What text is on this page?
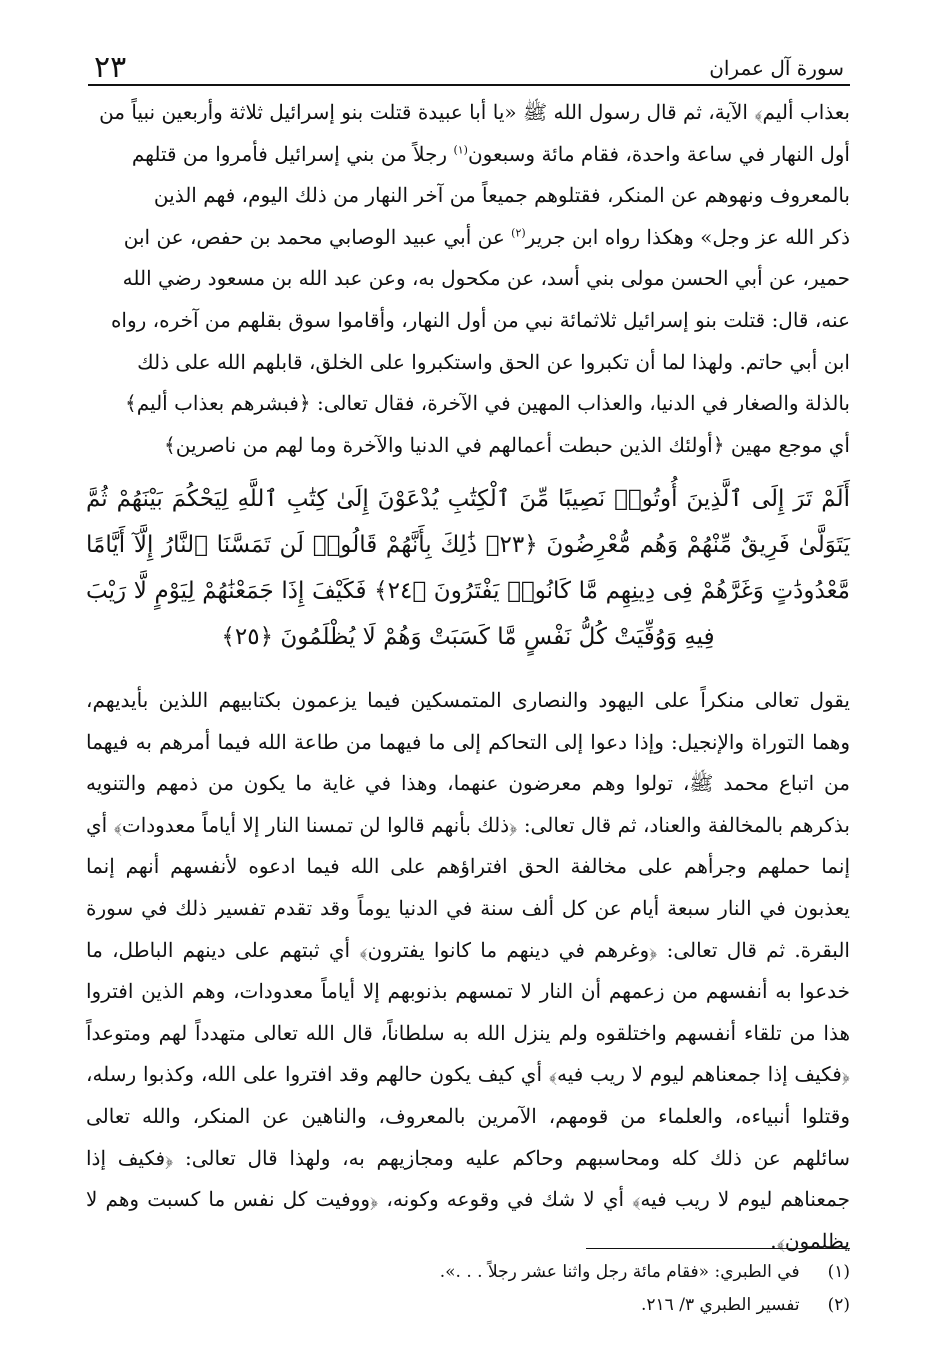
٢٣	سورة آل عمران
بعذاب أليم﴾ الآية، ثم قال رسول الله ﷺ «يا أبا عبيدة قتلت بنو إسرائيل ثلاثة وأربعين نبياً من
أول النهار في ساعة واحدة، فقام مائة وسبعون$^{(١)}$ رجلاً من بني إسرائيل فأمروا من قتلهم
بالمعروف ونهوهم عن المنكر، فقتلوهم جميعاً من آخر النهار من ذلك اليوم، فهم الذين
ذكر الله عز وجل» وهكذا رواه ابن جرير$^{(٢)}$ عن أبي عبيد الوصابي محمد بن حفص، عن ابن
حمير، عن أبي الحسن مولى بني أسد، عن مكحول به، وعن عبد الله بن مسعود رضي الله
عنه، قال: قتلت بنو إسرائيل ثلاثمائة نبي من أول النهار، وأقاموا سوق بقلهم من آخره، رواه
ابن أبي حاتم. ولهذا لما أن تكبروا عن الحق واستكبروا على الخلق، قابلهم الله على ذلك
بالذلة والصغار في الدنيا، والعذاب المهين في الآخرة، فقال تعالى: ﴿فبشرهم بعذاب أليم﴾
أي موجع مهين ﴿أولئك الذين حبطت أعمالهم في الدنيا والآخرة وما لهم من ناصرين﴾
أَلَمْ تَرَ إِلَى ٱلَّذِينَ أُوتُوا۟ نَصِيبًا مِّنَ ٱلْكِتَٰبِ يُدْعَوْنَ إِلَىٰ كِتَٰبِ ٱللَّهِ لِيَحْكُمَ بَيْنَهُمْ ثُمَّ يَتَوَلَّىٰ فَرِيقٌ مِّنْهُمْ وَهُم مُّعْرِضُونَ ﴿٢٣﴾ ذَٰلِكَ بِأَنَّهُمْ قَالُوا۟ لَن تَمَسَّنَا ٱلنَّارُ إِلَّآ أَيَّامًا مَّعْدُودَٰتٍ وَغَرَّهُمْ فِى دِينِهِم مَّا كَانُوا۟ يَفْتَرُونَ ﴿٢٤﴾ فَكَيْفَ إِذَا جَمَعْنَٰهُمْ لِيَوْمٍ لَّا رَيْبَ فِيهِ وَوُفِّيَتْ كُلُّ نَفْسٍ مَّا كَسَبَتْ وَهُمْ لَا يُظْلَمُونَ ﴿٢٥﴾
يقول تعالى منكراً على اليهود والنصارى المتمسكين فيما يزعمون بكتابيهم اللذين بأيديهم، وهما التوراة والإنجيل: وإذا دعوا إلى التحاكم إلى ما فيهما من طاعة الله فيما أمرهم به فيهما من اتباع محمد ﷺ، تولوا وهم معرضون عنهما، وهذا في غاية ما يكون من ذمهم والتنويه بذكرهم بالمخالفة والعناد، ثم قال تعالى: ﴿ذلك بأنهم قالوا لن تمسنا النار إلا أياماً معدودات﴾ أي إنما حملهم وجرأهم على مخالفة الحق افتراؤهم على الله فيما ادعوه لأنفسهم أنهم إنما يعذبون في النار سبعة أيام عن كل ألف سنة في الدنيا يوماً وقد تقدم تفسير ذلك في سورة البقرة. ثم قال تعالى: ﴿وغرهم في دينهم ما كانوا يفترون﴾ أي ثبتهم على دينهم الباطل، ما خدعوا به أنفسهم من زعمهم أن النار لا تمسهم بذنوبهم إلا أياماً معدودات، وهم الذين افتروا هذا من تلقاء أنفسهم واختلقوه ولم ينزل الله به سلطاناً، قال الله تعالى متهدداً لهم ومتوعداً ﴿فكيف إذا جمعناهم ليوم لا ريب فيه﴾ أي كيف يكون حالهم وقد افتروا على الله، وكذبوا رسله، وقتلوا أنبياءه، والعلماء من قومهم، الآمرين بالمعروف، والناهين عن المنكر، والله تعالى سائلهم عن ذلك كله ومحاسبهم وحاكم عليه ومجازيهم به، ولهذا قال تعالى: ﴿فكيف إذا جمعناهم ليوم لا ريب فيه﴾ أي لا شك في وقوعه وكونه، ﴿ووفيت كل نفس ما كسبت وهم لا يظلمون﴾.
(١)
في الطبري: «فقام مائة رجل واثنا عشر رجلاً . . .».
(٢)
تفسير الطبري ٣/ ٢١٦.
